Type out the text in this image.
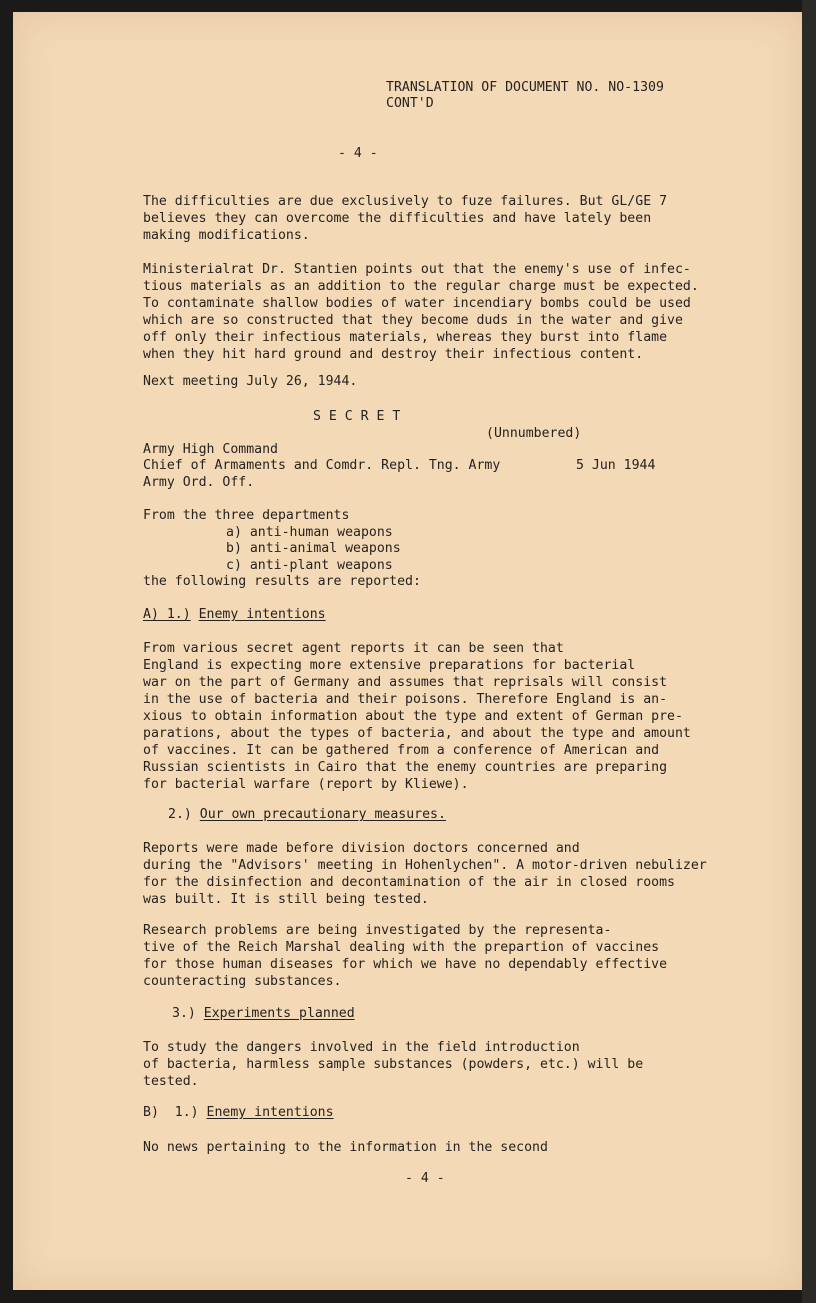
TRANSLATION OF DOCUMENT NO. NO-1309

CONT'D

- 4 -

The difficulties are due exclusively to fuze failures. But GL/GE 7
believes they can overcome the difficulties and have lately been
making modifications.

Ministerialrat Dr. Stantien points out that the enemy's use of infec-
tious materials as an addition to the regular charge must be expected.
To contaminate shallow bodies of water incendiary bombs could be used
which are so constructed that they become duds in the water and give
off only their infectious materials, whereas they burst into flame
when they hit hard ground and destroy their infectious content.

Next meeting July 26, 1944.

S E C R E T

(Unnumbered)

Army High Command

Chief of Armaments and Comdr. Repl. Tng. Army	5 Jun 1944

Army Ord. Off.

From the three departments

a) anti-human weapons

b) anti-animal weapons

c) anti-plant weapons

the following results are reported:

A) 1.) Enemy intentions

From various secret agent reports it can be seen that
England is expecting more extensive preparations for bacterial
war on the part of Germany and assumes that reprisals will consist
in the use of bacteria and their poisons. Therefore England is an-
xious to obtain information about the type and extent of German pre-
parations, about the types of bacteria, and about the type and amount
of vaccines. It can be gathered from a conference of American and
Russian scientists in Cairo that the enemy countries are preparing
for bacterial warfare (report by Kliewe).

2.) Our own precautionary measures.

Reports were made before division doctors concerned and
during the "Advisors' meeting in Hohenlychen". A motor-driven nebulizer
for the disinfection and decontamination of the air in closed rooms
was built. It is still being tested.

Research problems are being investigated by the representa-
tive of the Reich Marshal dealing with the prepartion of vaccines
for those human diseases for which we have no dependably effective
counteracting substances.

3.) Experiments planned

To study the dangers involved in the field introduction
of bacteria, harmless sample substances (powders, etc.) will be
tested.

B)  1.) Enemy intentions

No news pertaining to the information in the second

- 4 -
